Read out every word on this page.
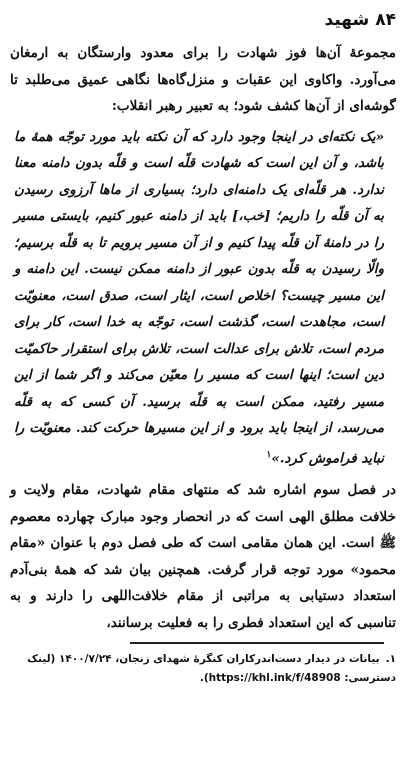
۸۴
شهید

مجموعهٔ آن‌ها فوز شهادت را برای معدود وارستگان به ارمغان می‌آورد. واکاوی این عقبات و منزل‌گاه‌ها نگاهی عمیق می‌طلبد تا گوشه‌ای از آن‌ها کشف شود؛ به تعبیر رهبر انقلاب:

«یک نکته‌ای در اینجا وجود دارد که آن نکته باید مورد توجّه همهٔ ما باشد، و آن این است که شهادت قلّه است و قلّه بدون دامنه معنا ندارد. هر قلّه‌ای یک دامنه‌ای دارد؛ بسیاری از ما‌ها آرزوی رسیدن به آن قلّه را داریم؛ [خب،] باید از دامنه عبور کنیم، بایستی مسیر را در دامنهٔ آن قلّه پیدا کنیم و از آن مسیر برویم تا به قلّه برسیم؛ والّا رسیدن به قلّه بدون عبور از دامنه ممکن نیست. این دامنه و این مسیر چیست؟ اخلاص است، ایثار است، صدق است، معنویّت است، مجاهدت است، گذشت است، توجّه به خدا است، کار برای مردم است، تلاش برای عدالت است، تلاش برای استقرار حاکمیّت دین است؛ اینها است که مسیر را معیّن می‌کند و اگر شما از این مسیر رفتید، ممکن است به قلّه برسید. آن کسی که به قلّه می‌رسد، از اینجا باید برود و از این مسیرها حرکت کند. معنویّت را نباید فراموش کرد.»$^۱$

در فصل سوم اشاره شد که منتهای مقام شهادت، مقام ولایت و خلافت مطلق الهی است که در انحصار وجود مبارک چهارده معصوم ﷺ است. این همان مقامی است که طی فصل دوم با عنوان «مقام محمود» مورد توجه قرار گرفت. همچنین بیان شد که همهٔ بنی‌آدم استعداد دستیابی به مراتبی از مقام خلافت‌اللهی را دارند و به تناسبی که این استعداد فطری را به فعلیت برسانند،

۱.بیانات در دیدار دست‌اندرکاران کنگرهٔ شهدای زنجان، ۱۴۰۰/۷/۲۴ (لینک دسترسی: https://khl.ink/f/48908).
